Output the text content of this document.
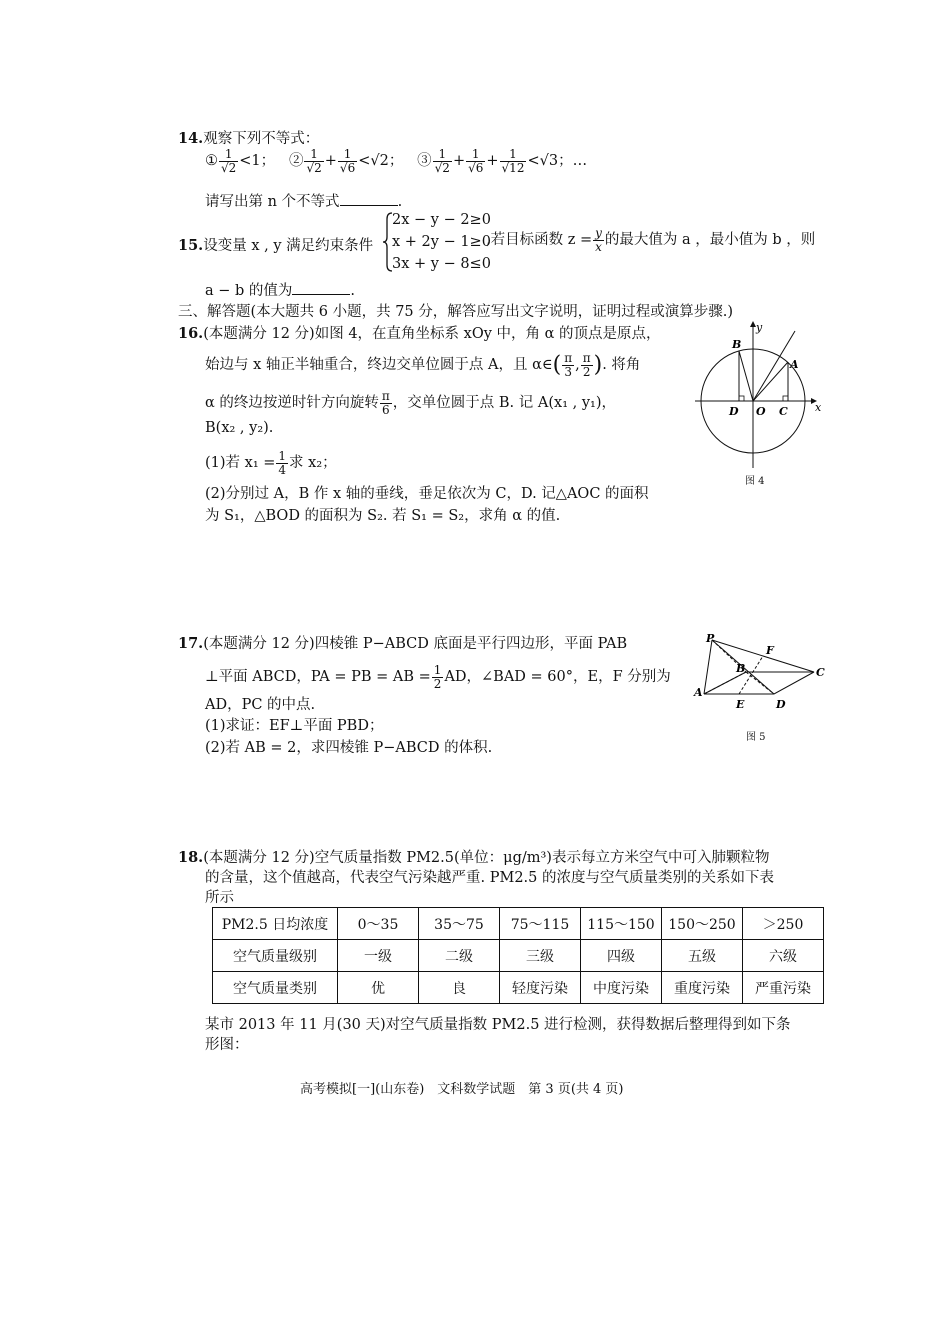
14.观察下列不等式：
① $\frac{1}{√2} <1$； ② $\frac{1}{√2} + \frac{1}{√6} <√2$； ③ $\frac{1}{√2} + \frac{1}{√6} + \frac{1}{√12} <√3$；…
请写出第 n 个不等式	.
15.设变量 x , y 满足约束条件
2x − y − 2≥0
x + 2y − 1≥0
3x + y − 8≤0
,若目标函数 $z = \frac{y}{x}$ 的最大值为 a ，最小值为 b ，则
a − b 的值为	.
三、解答题(本大题共 6 小题，共 75 分，解答应写出文字说明，证明过程或演算步骤.)
16.(本题满分 12 分)如图 4，在直角坐标系 xOy 中，角 α 的顶点是原点，
始边与 x 轴正半轴重合，终边交单位圆于点 A，且 α∈( $\frac{\pi}{3}$ , $\frac{\pi}{2}$ ). 将角
α 的终边按逆时针方向旋转 $\frac{\pi}{6}$ ，交单位圆于点 B. 记 A(x₁ , y₁)，
B(x₂ , y₂).
(1)若 $x_1 = \frac{1}{4}$ 求 x₂；
(2)分别过 A，B 作 x 轴的垂线，垂足依次为 C，D. 记△AOC 的面积
为 S₁，△BOD 的面积为 S₂. 若 S₁ = S₂，求角 α 的值.
y
x
B
A
D O C
图 4
17.(本题满分 12 分)四棱锥 P−ABCD 底面是平行四边形，平面 PAB
⊥平面 ABCD，PA = PB = AB = $\frac{1}{2}$ AD，∠BAD = 60°，E，F 分别为
AD，PC 的中点.
(1)求证：EF⊥平面 PBD；
(2)若 AB = 2，求四棱锥 P−ABCD 的体积.
P
F
B	C
A
E	D
图 5
18.(本题满分 12 分)空气质量指数 PM2.5(单位：μg/m³)表示每立方米空气中可入肺颗粒物
的含量，这个值越高，代表空气污染越严重. PM2.5 的浓度与空气质量类别的关系如下表
所示
PM2.5 日均浓度	0～35	35～75	75～115	115～150	150～250	＞250
空气质量级别	一级	二级	三级	四级	五级	六级
空气质量类别	优	良	轻度污染	中度污染	重度污染	严重污染
某市 2013 年 11 月(30 天)对空气质量指数 PM2.5 进行检测，获得数据后整理得到如下条
形图：
高考模拟[一](山东卷)　文科数学试题　第 3 页(共 4 页)
